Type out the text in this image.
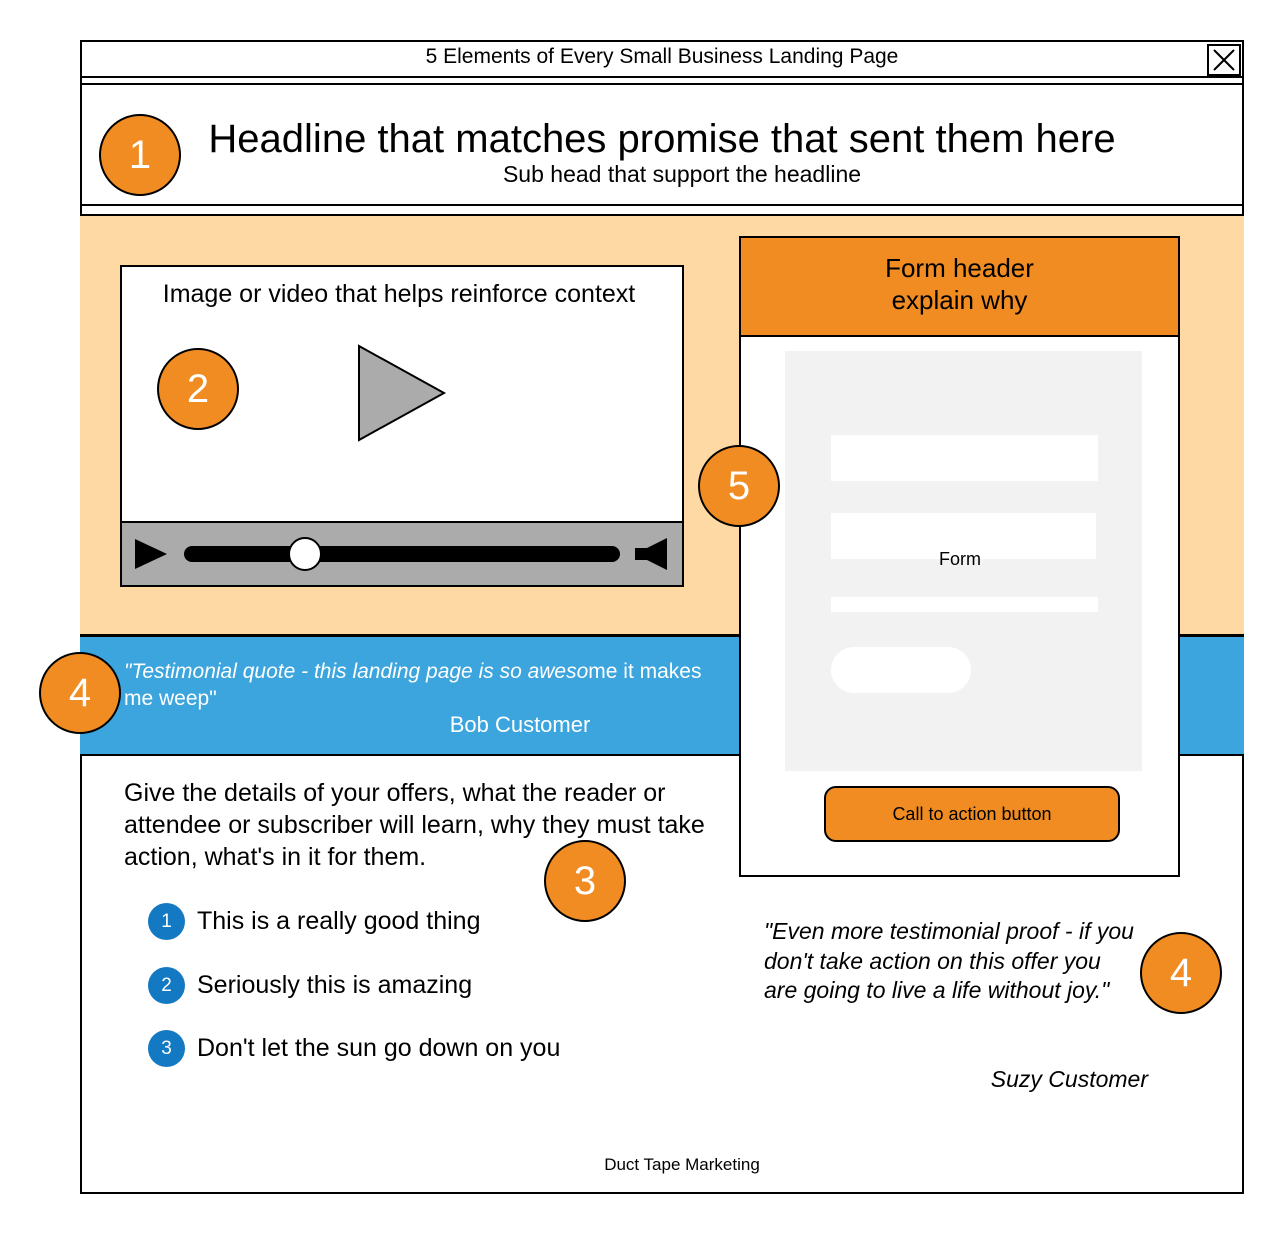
5 Elements of Every Small Business Landing Page
Headline that matches promise that sent them here
Sub head that support the headline
Image or video that helps reinforce context
"Testimonial quote - this landing page is so awesome it makes me weep"
Bob Customer
Form header
explain why
Form
Call to action button
Give the details of your offers, what the reader or attendee or subscriber will learn, why they must take action, what's in it for them.
1	This is a really good thing
2	Seriously this is amazing
3	Don't let the sun go down on you
"Even more testimonial proof - if you don't take action on this offer you are going to live a life without joy."
Suzy Customer
Duct Tape Marketing
1
2
5
4
3
4
